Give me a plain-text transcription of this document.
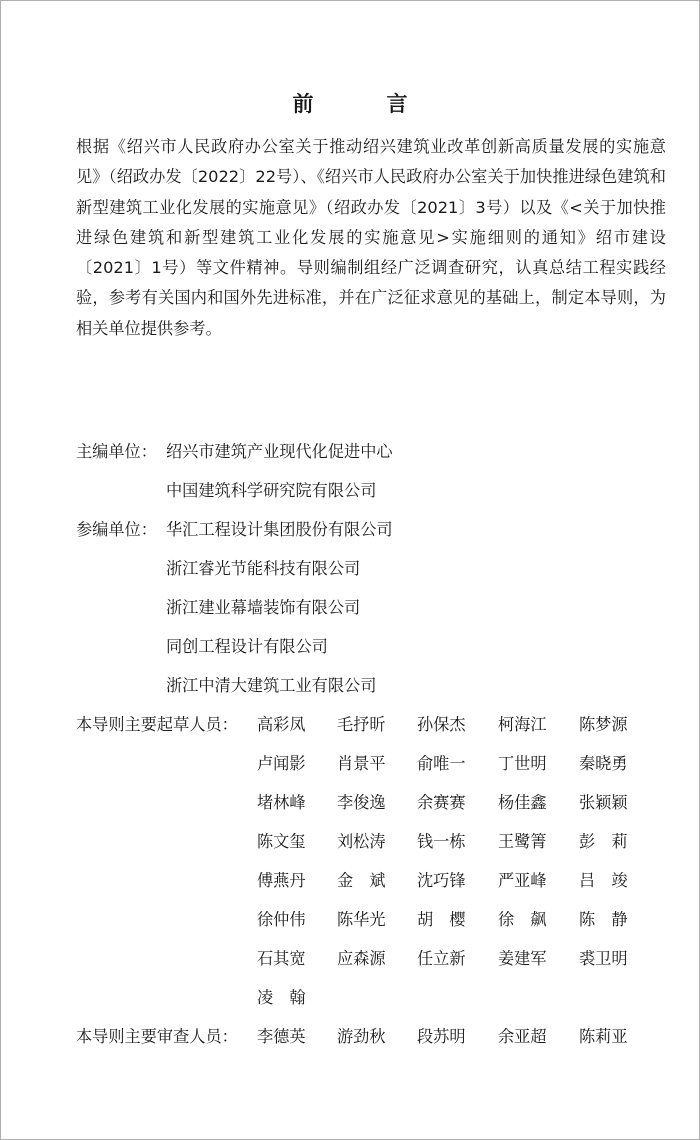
前　言
根据《绍兴市人民政府办公室关于推动绍兴建筑业改革创新高质量发展的实施意见》（绍政办发〔2022〕22号）、《绍兴市人民政府办公室关于加快推进绿色建筑和新型建筑工业化发展的实施意见》（绍政办发〔2021〕3号）以及《<关于加快推进绿色建筑和新型建筑工业化发展的实施意见>实施细则的通知》绍市建设〔2021〕1号）等文件精神。导则编制组经广泛调查研究，认真总结工程实践经验，参考有关国内和国外先进标准，并在广泛征求意见的基础上，制定本导则，为相关单位提供参考。
主编单位： 绍兴市建筑产业现代化促进中心
中国建筑科学研究院有限公司
参编单位： 华汇工程设计集团股份有限公司
浙江睿光节能科技有限公司
浙江建业幕墙装饰有限公司
同创工程设计有限公司
浙江中清大建筑工业有限公司
本导则主要起草人员： 高彩凤 毛抒昕 孙保杰 柯海江 陈梦源
卢闻影 肖景平 俞唯一 丁世明 秦晓勇
堵林峰 李俊逸 余赛赛 杨佳鑫 张颖颖
陈文玺 刘松涛 钱一栋 王鹭箐 彭　莉
傅燕丹 金　斌 沈巧锋 严亚峰 吕　竣
徐仲伟 陈华光 胡　樱 徐　飙 陈　静
石其宽 应森源 任立新 姜建军 裘卫明
凌　翰
本导则主要审查人员： 李德英 游劲秋 段苏明 余亚超 陈莉亚
